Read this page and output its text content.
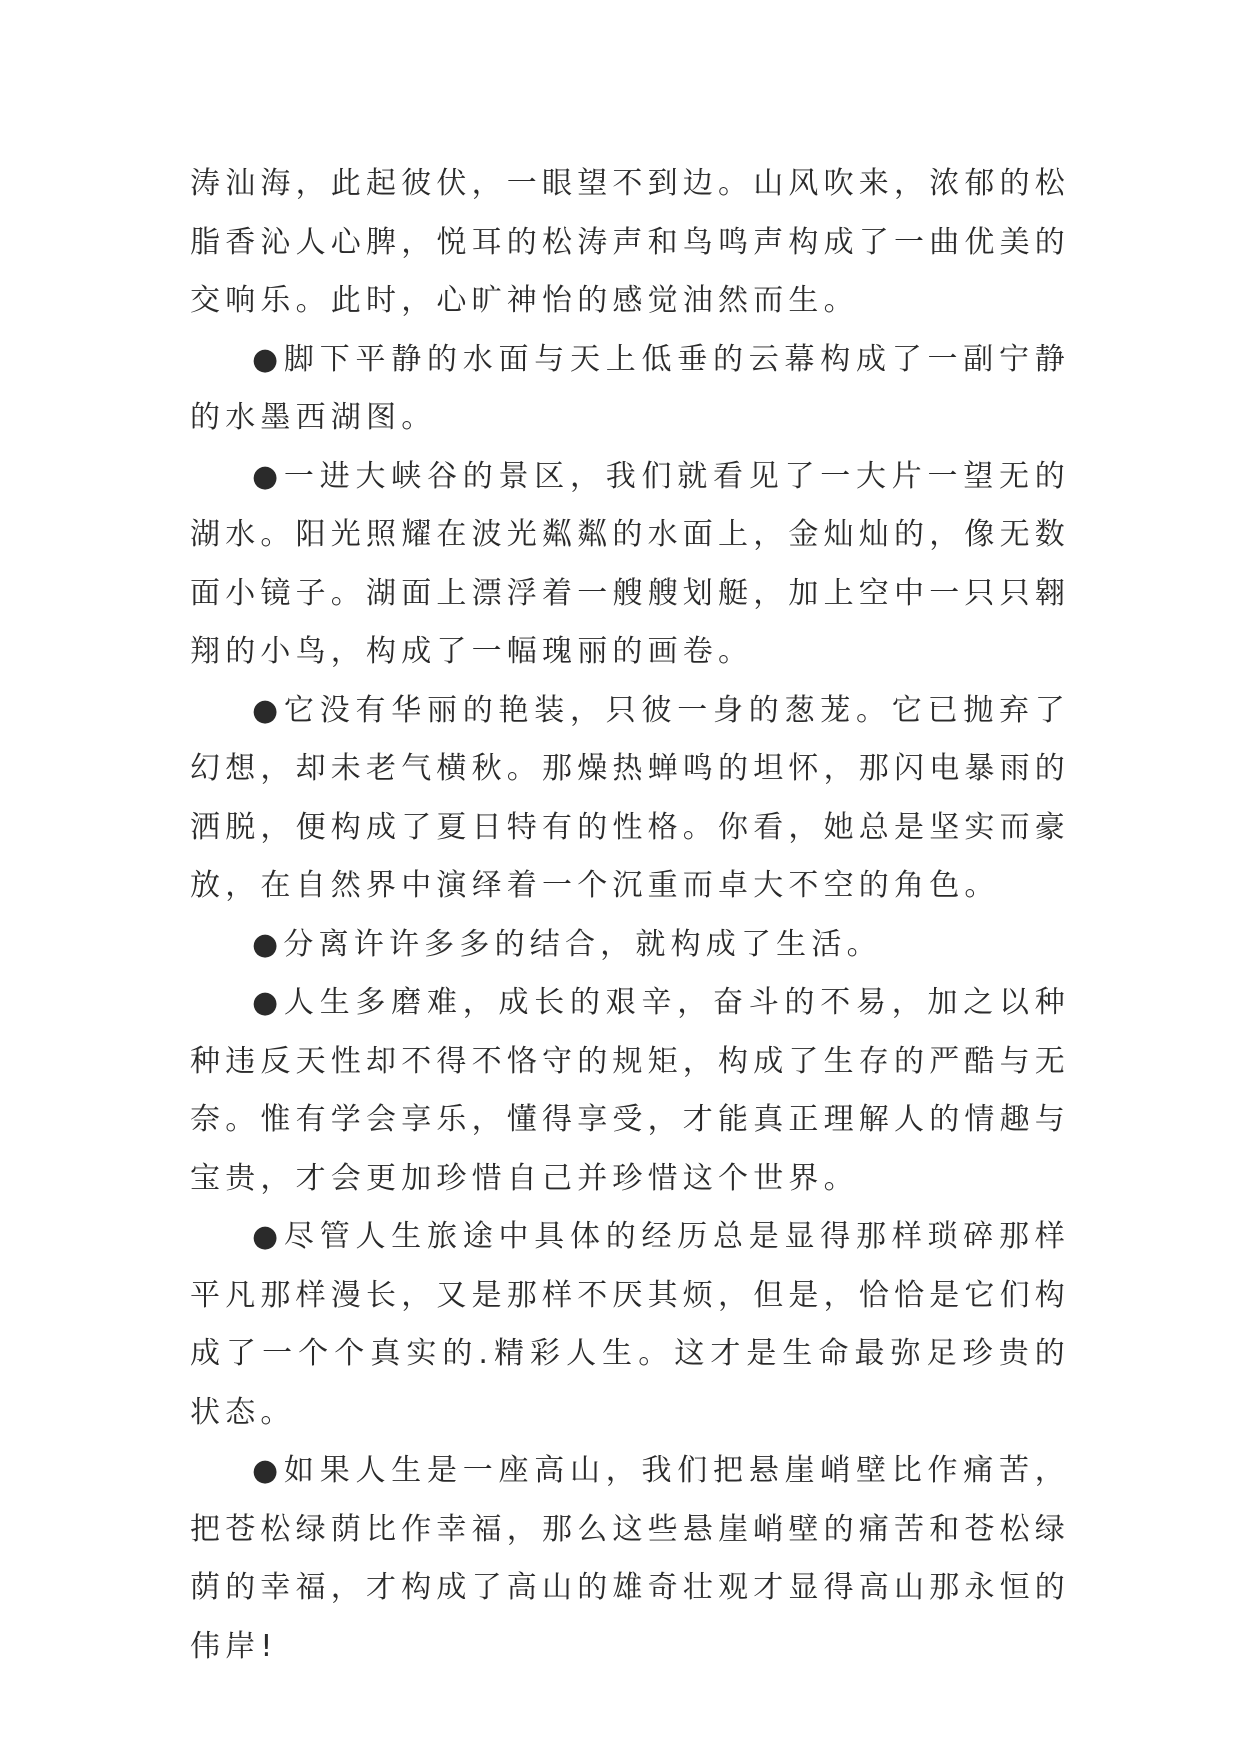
涛汕海，此起彼伏，一眼望不到边。山风吹来，浓郁的松脂香沁人心脾，悦耳的松涛声和鸟鸣声构成了一曲优美的交响乐。此时，心旷神怡的感觉油然而生。

●脚下平静的水面与天上低垂的云幕构成了一副宁静的水墨西湖图。

●一进大峡谷的景区，我们就看见了一大片一望无的湖水。阳光照耀在波光粼粼的水面上，金灿灿的，像无数面小镜子。湖面上漂浮着一艘艘划艇，加上空中一只只翱翔的小鸟，构成了一幅瑰丽的画卷。

●它没有华丽的艳装，只彼一身的葱茏。它已抛弃了幻想，却未老气横秋。那燥热蝉鸣的坦怀，那闪电暴雨的洒脱，便构成了夏日特有的性格。你看，她总是坚实而豪放，在自然界中演绎着一个沉重而卓大不空的角色。

●分离许许多多的结合，就构成了生活。

●人生多磨难，成长的艰辛，奋斗的不易，加之以种种违反天性却不得不恪守的规矩，构成了生存的严酷与无奈。惟有学会享乐，懂得享受，才能真正理解人的情趣与宝贵，才会更加珍惜自己并珍惜这个世界。

●尽管人生旅途中具体的经历总是显得那样琐碎那样平凡那样漫长，又是那样不厌其烦，但是，恰恰是它们构成了一个个真实的.精彩人生。这才是生命最弥足珍贵的状态。

●如果人生是一座高山，我们把悬崖峭壁比作痛苦，把苍松绿荫比作幸福，那么这些悬崖峭壁的痛苦和苍松绿荫的幸福，才构成了高山的雄奇壮观才显得高山那永恒的伟岸!
